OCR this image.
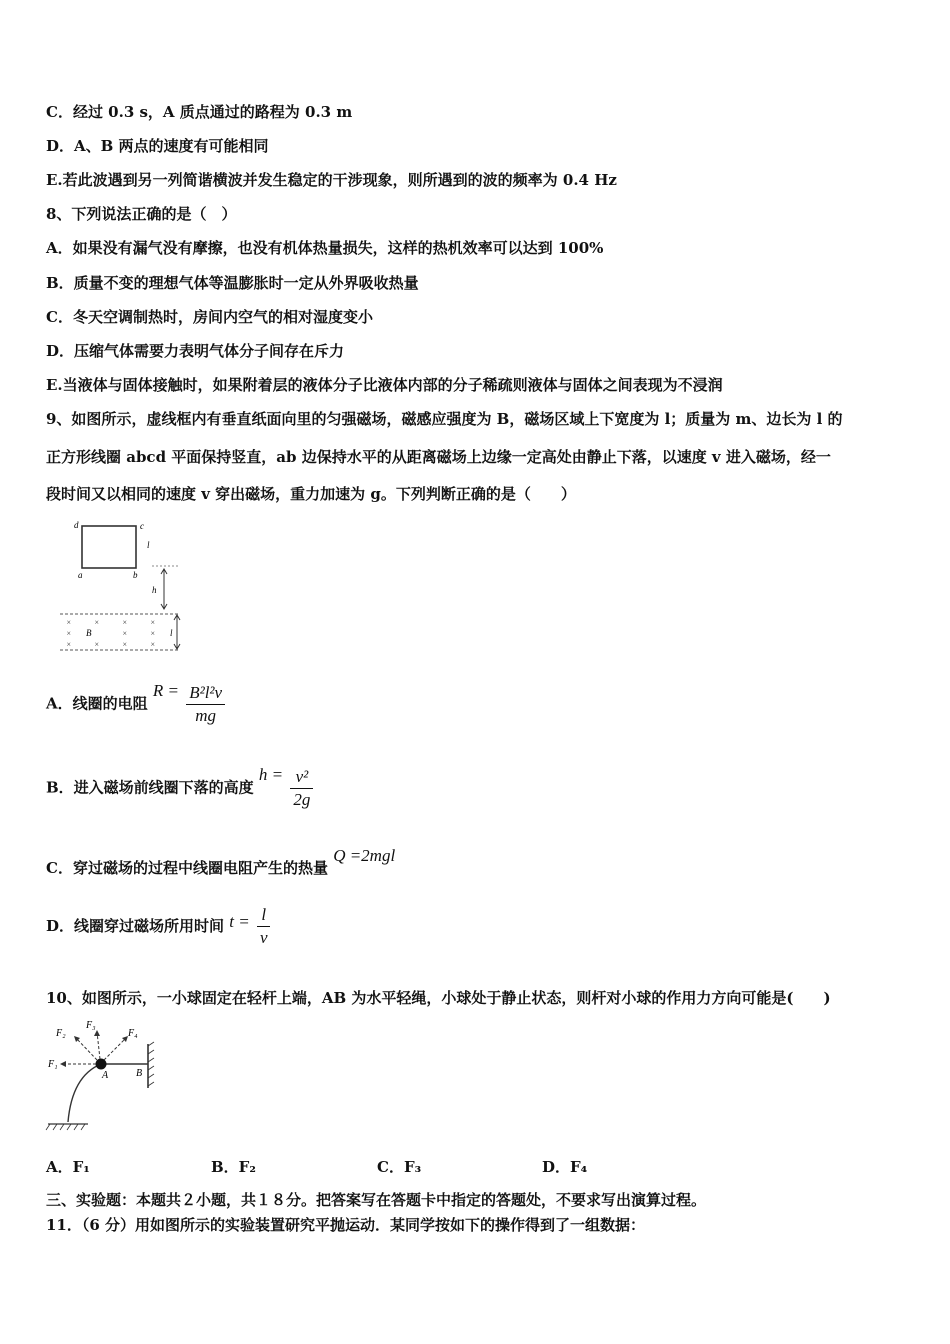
C．经过 0.3 s，A 质点通过的路程为 0.3 m
D．A、B 两点的速度有可能相同
E.若此波遇到另一列简谐横波并发生稳定的干涉现象，则所遇到的波的频率为 0.4 Hz
8、下列说法正确的是（　）
A．如果没有漏气没有摩擦，也没有机体热量损失，这样的热机效率可以达到 100%
B．质量不变的理想气体等温膨胀时一定从外界吸收热量
C．冬天空调制热时，房间内空气的相对湿度变小
D．压缩气体需要力表明气体分子间存在斥力
E.当液体与固体接触时，如果附着层的液体分子比液体内部的分子稀疏则液体与固体之间表现为不浸润
9、如图所示，虚线框内有垂直纸面向里的匀强磁场，磁感应强度为 B，磁场区域上下宽度为 l；质量为 m、边长为 l 的
正方形线圈 abcd 平面保持竖直，ab 边保持水平的从距离磁场上边缘一定高处由静止下落，以速度 v 进入磁场，经一
段时间又以相同的速度 v 穿出磁场，重力加速为 g。下列判断正确的是（　　）
d	c
a	b
l
h
l
×	×	×	×
×	×	×
×	×	×	×
B
A．线圈的电阻 $R = \frac{\text{B²l²v}}{mg}$
B．进入磁场前线圈下落的高度 $h = \frac{\text{v²}}{2g}$
C．穿过磁场的过程中线圈电阻产生的热量 Q =2mgl
D．线圈穿过磁场所用时间 $t = \frac{l}{v}$
10、如图所示，一小球固定在轻杆上端，AB 为水平轻绳，小球处于静止状态，则杆对小球的作用力方向可能是(　　)
F₁
F₂
F₃
F₄
A	B
A．F₁	B．F₂	C．F₃	D．F₄
三、实验题：本题共２小题，共１８分。把答案写在答题卡中指定的答题处，不要求写出演算过程。
11．（6 分）用如图所示的实验装置研究平抛运动．某同学按如下的操作得到了一组数据：
